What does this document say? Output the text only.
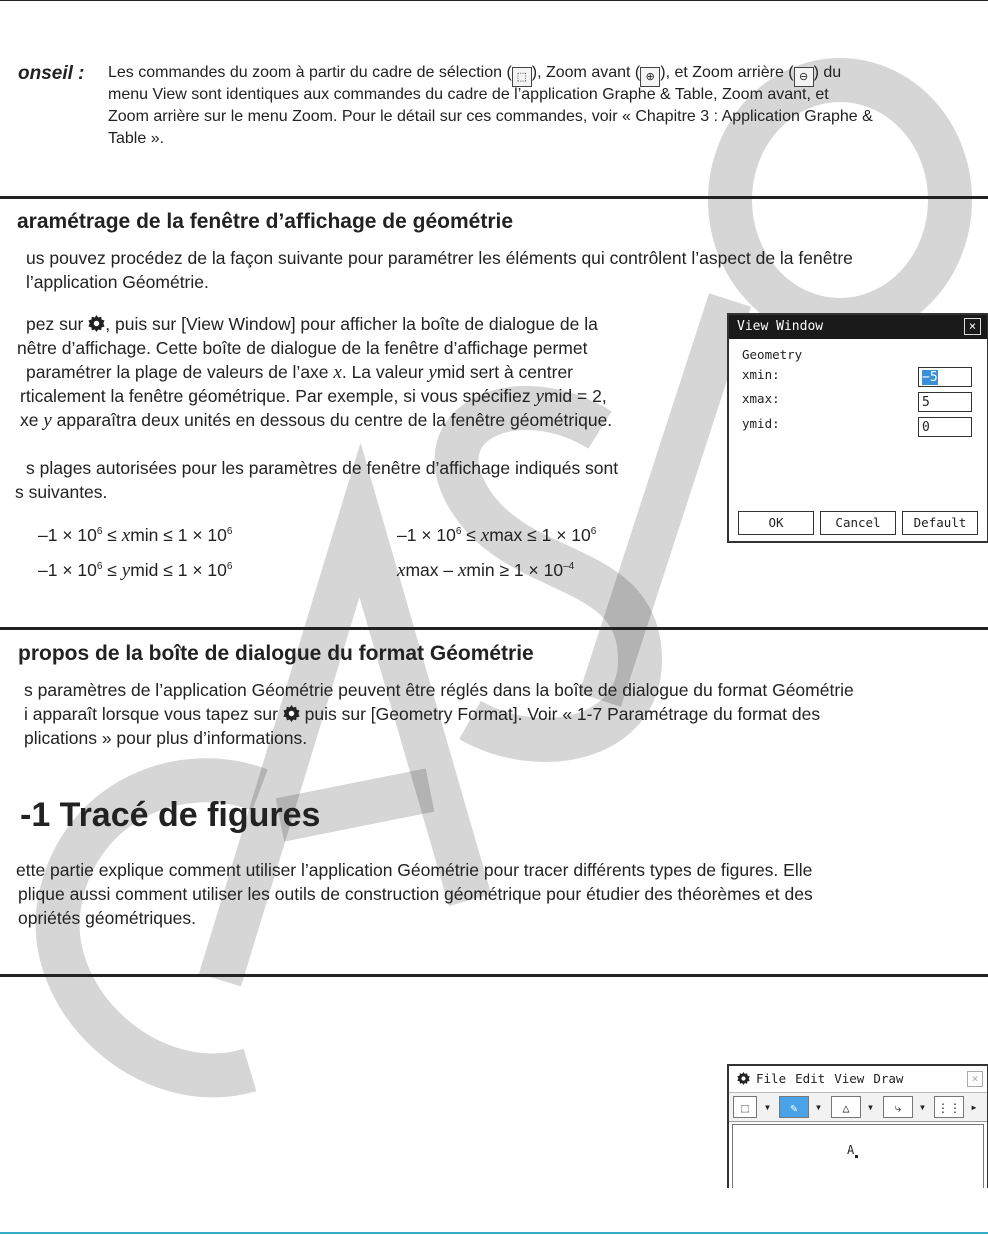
onseil : Les commandes du zoom à partir du cadre de sélection ( ⬚ ), Zoom avant ( ⊕ ), et Zoom arrière ( ⊖ ) du
menu View sont identiques aux commandes du cadre de l’application Graphe & Table, Zoom avant, et
Zoom arrière sur le menu Zoom. Pour le détail sur ces commandes, voir « Chapitre 3 : Application Graphe &
Table ».
aramétrage de la fenêtre d’affichage de géométrie
us pouvez procédez de la façon suivante pour paramétrer les éléments qui contrôlent l’aspect de la fenêtre
l’application Géométrie.
pez sur , puis sur [View Window] pour afficher la boîte de dialogue de la
nêtre d’affichage. Cette boîte de dialogue de la fenêtre d’affichage permet
paramétrer la plage de valeurs de l’axe x. La valeur ymid sert à centrer
rticalement la fenêtre géométrique. Par exemple, si vous spécifiez ymid = 2,
xe y apparaîtra deux unités en dessous du centre de la fenêtre géométrique.
s plages autorisées pour les paramètres de fenêtre d’affichage indiqués sont
s suivantes.
$-1 \times 10^6 \le xmin \le 1 \times 10^6$	$-1 \times 10^6 \le xmax \le 1 \times 10^6$
$-1 \times 10^6$ ≤ ymid ≤ $1 \times 10^6$	$xmax - xmin \ge 1 \times 10^{-4}$
View Window	×
Geometry
xmin:	−5
xmax:	5
ymid:	0
OK	Cancel	Default
propos de la boîte de dialogue du format Géométrie
s paramètres de l’application Géométrie peuvent être réglés dans la boîte de dialogue du format Géométrie
i apparaît lorsque vous tapez sur  puis sur [Geometry Format]. Voir « 1-7 Paramétrage du format des
plications » pour plus d’informations.
-1 Tracé de figures
ette partie explique comment utiliser l’application Géométrie pour tracer différents types de figures. Elle
plique aussi comment utiliser les outils de construction géométrique pour étudier des théorèmes et des
opriétés géométriques.
File Edit View Draw	×
⬚	▾	✎	▾	△	▾	⤷	▾ ⋮⋮ ▸
A
